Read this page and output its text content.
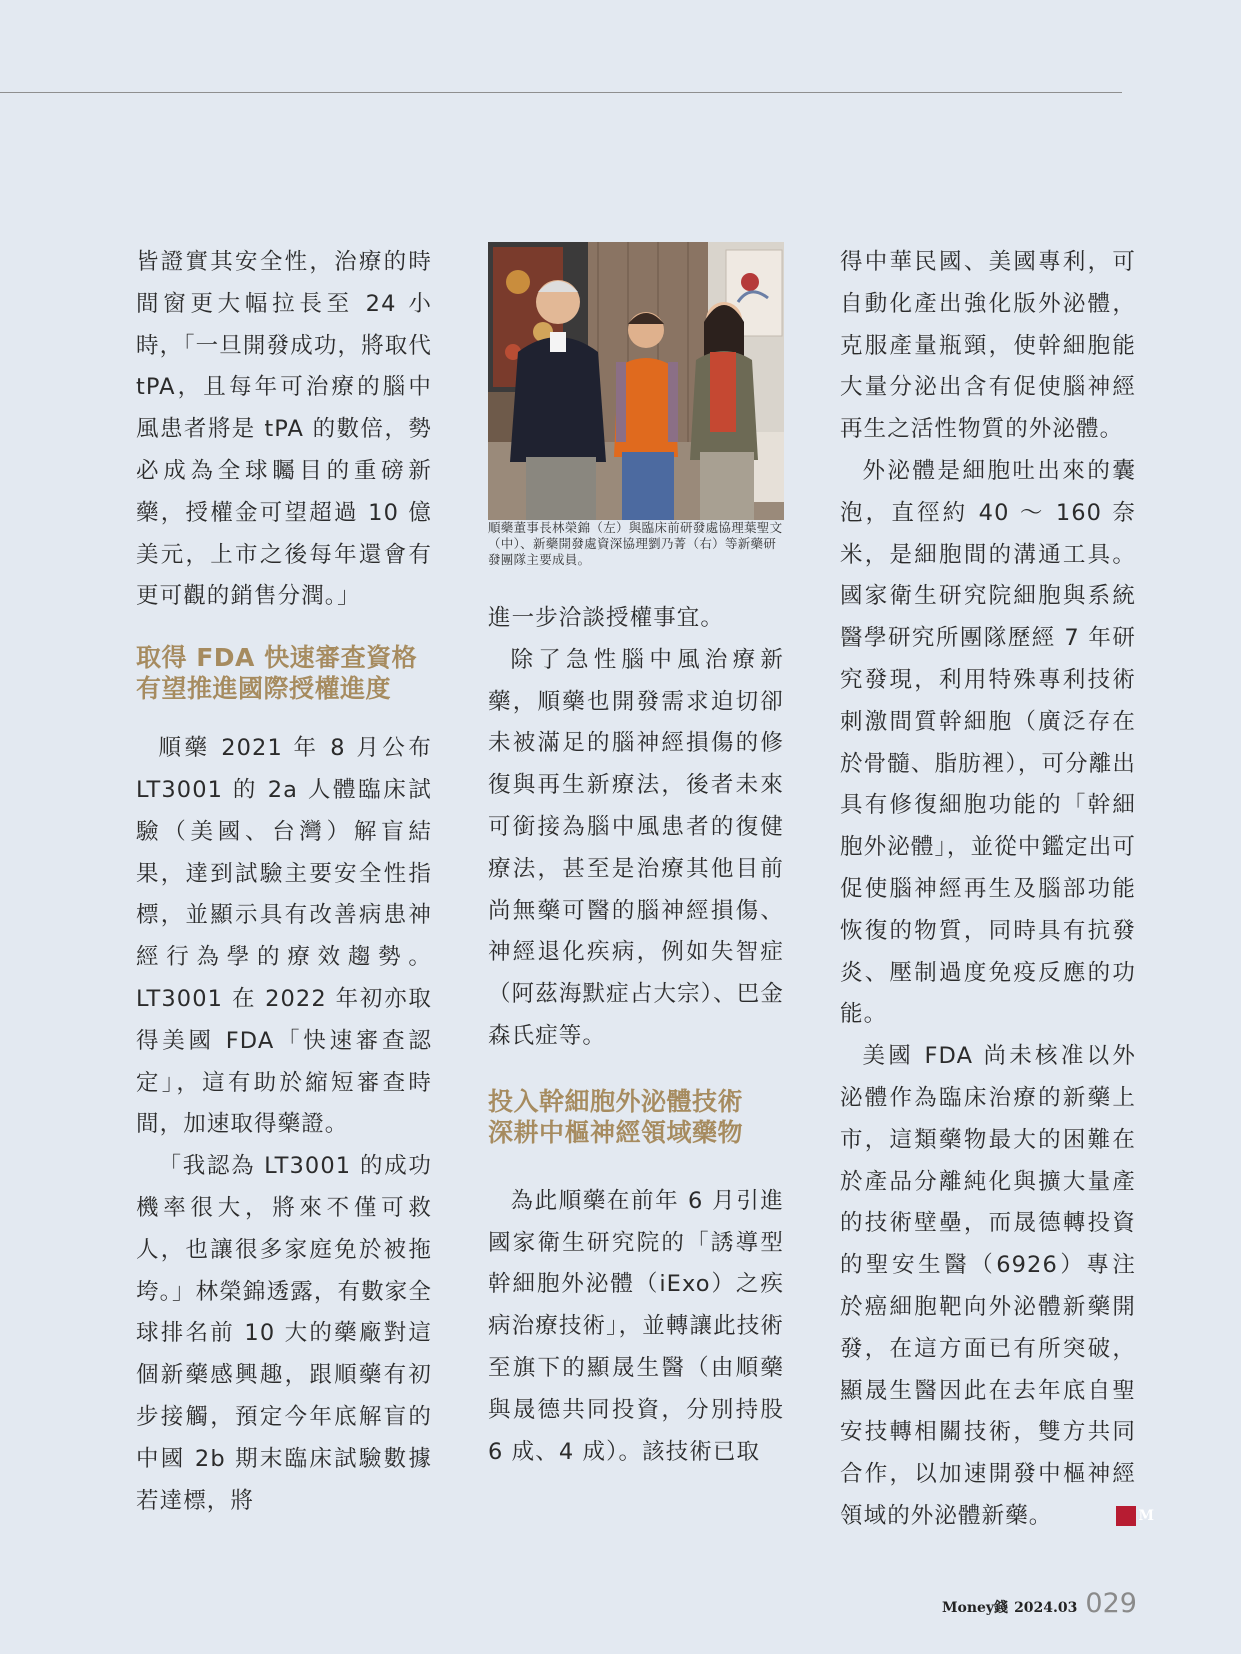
皆證實其安全性，治療的時間窗更大幅拉長至 24 小時，「一旦開發成功，將取代 tPA，且每年可治療的腦中風患者將是 tPA 的數倍，勢必成為全球矚目的重磅新藥，授權金可望超過 10 億美元，上市之後每年還會有更可觀的銷售分潤。」

取得 FDA 快速審查資格
有望推進國際授權進度

順藥 2021 年 8 月公布 LT3001 的 2a 人體臨床試驗（美國、台灣）解盲結果，達到試驗主要安全性指標，並顯示具有改善病患神經行為學的療效趨勢。LT3001 在 2022 年初亦取得美國 FDA「快速審查認定」，這有助於縮短審查時間，加速取得藥證。

「我認為 LT3001 的成功機率很大，將來不僅可救人，也讓很多家庭免於被拖垮。」林榮錦透露，有數家全球排名前 10 大的藥廠對這個新藥感興趣，跟順藥有初步接觸，預定今年底解盲的中國 2b 期末臨床試驗數據若達標，將

順藥董事長林榮錦（左）與臨床前研發處協理葉聖文（中）、新藥開發處資深協理劉乃菁（右）等新藥研發團隊主要成員。

進一步洽談授權事宜。

除了急性腦中風治療新藥，順藥也開發需求迫切卻未被滿足的腦神經損傷的修復與再生新療法，後者未來可銜接為腦中風患者的復健療法，甚至是治療其他目前尚無藥可醫的腦神經損傷、神經退化疾病，例如失智症（阿茲海默症占大宗）、巴金森氏症等。

投入幹細胞外泌體技術
深耕中樞神經領域藥物

為此順藥在前年 6 月引進國家衛生研究院的「誘導型幹細胞外泌體（iExo）之疾病治療技術」，並轉讓此技術至旗下的顯晟生醫（由順藥與晟德共同投資，分別持股 6 成、4 成）。該技術已取

得中華民國、美國專利，可自動化產出強化版外泌體，克服產量瓶頸，使幹細胞能大量分泌出含有促使腦神經再生之活性物質的外泌體。

外泌體是細胞吐出來的囊泡，直徑約 40 ～ 160 奈米，是細胞間的溝通工具。國家衛生研究院細胞與系統醫學研究所團隊歷經 7 年研究發現，利用特殊專利技術刺激間質幹細胞（廣泛存在於骨髓、脂肪裡），可分離出具有修復細胞功能的「幹細胞外泌體」，並從中鑑定出可促使腦神經再生及腦部功能恢復的物質，同時具有抗發炎、壓制過度免疫反應的功能。

美國 FDA 尚未核准以外泌體作為臨床治療的新藥上市，這類藥物最大的困難在於產品分離純化與擴大量產的技術壁壘，而晟德轉投資的聖安生醫（6926）專注於癌細胞靶向外泌體新藥開發，在這方面已有所突破，顯晟生醫因此在去年底自聖安技轉相關技術，雙方共同合作，以加速開發中樞神經領域的外泌體新藥。	M

Money錢 2024.03 029
